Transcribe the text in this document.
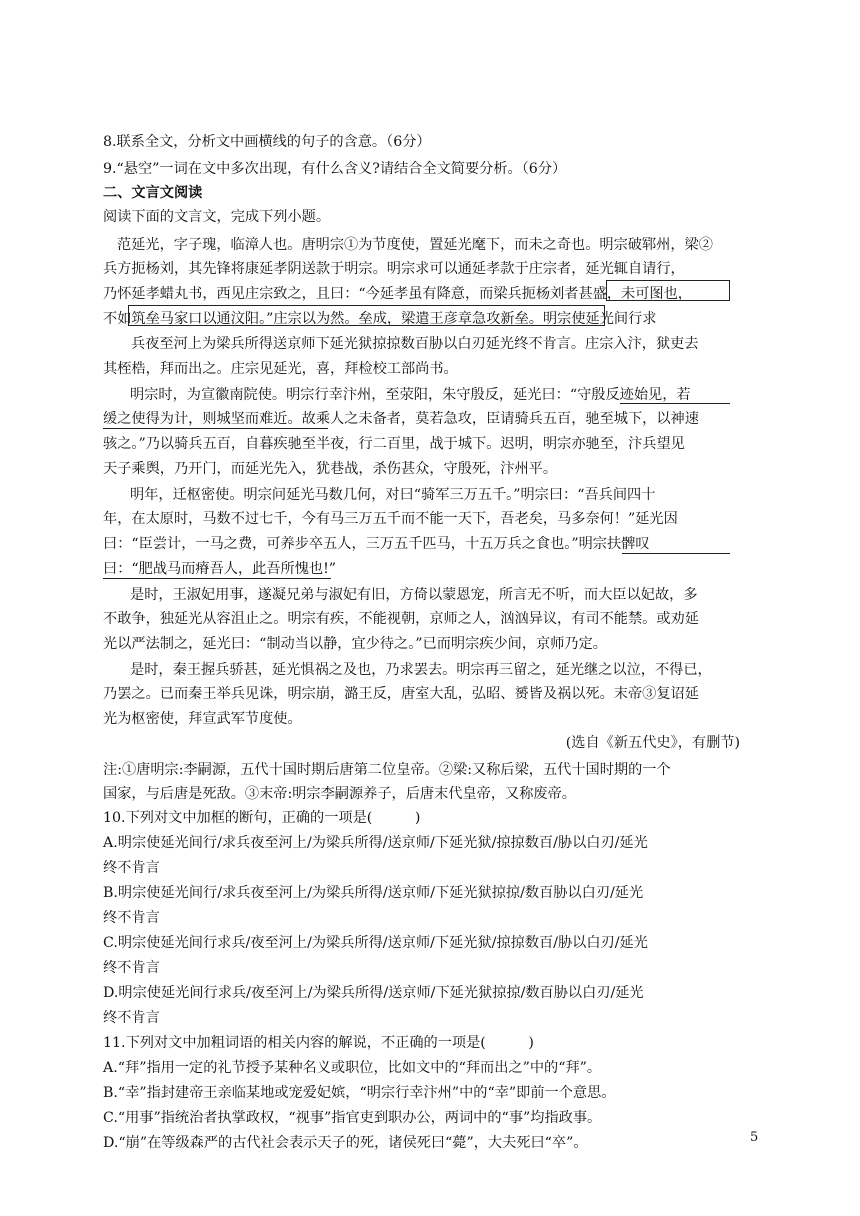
8.联系全文，分析文中画横线的句子的含意。（6分）
9.“悬空”一词在文中多次出现，有什么含义?请结合全文简要分析。（6分）
二、文言文阅读
阅读下面的文言文，完成下列小题。
范延光，字子瑰，临漳人也。唐明宗①为节度使，置延光麾下，而未之奇也。明宗破郓州，梁②
兵方扼杨刘，其先锋将康延孝阴送款于明宗。明宗求可以通延孝款于庄宗者，延光辄自请行，
乃怀延孝蜡丸书，西见庄宗致之，且曰：“今延孝虽有降意，而梁兵扼杨刘者甚盛，未可图也，
不如筑垒马家口以通汶阳。”庄宗以为然。垒成，梁遣王彦章急攻新垒。明宗使延光间行求
兵夜至河上为梁兵所得送京师下延光狱掠掠数百胁以白刃延光终不肯言。庄宗入汴，狱吏去
其桎梏，拜而出之。庄宗见延光，喜，拜检校工部尚书。
明宗时，为宣徽南院使。明宗行幸汴州，至荥阳，朱守殷反，延光曰：“守殷反迹始见，若
缓之使得为计，则城坚而难近。故乘人之未备者，莫若急攻，臣请骑兵五百，驰至城下，以神速
骇之。”乃以骑兵五百，自暮疾驰至半夜，行二百里，战于城下。迟明，明宗亦驰至，汴兵望见
天子乘舆，乃开门，而延光先入，犹巷战，杀伤甚众，守殷死，汴州平。
明年，迁枢密使。明宗问延光马数几何，对曰“骑军三万五千。”明宗曰：“吾兵间四十
年，在太原时，马数不过七千，今有马三万五千而不能一天下，吾老矣，马多奈何！”延光因
曰：“臣尝计，一马之费，可养步卒五人，三万五千匹马，十五万兵之食也。”明宗扶髀叹
曰：“肥战马而瘠吾人，此吾所愧也!”
是时，王淑妃用事，遂凝兄弟与淑妃有旧，方倚以蒙恩宠，所言无不听，而大臣以妃故，多
不敢争，独延光从容沮止之。明宗有疾，不能视朝，京师之人，汹汹异议，有司不能禁。或劝延
光以严法制之，延光曰：“制动当以静，宜少待之。”已而明宗疾少间，京师乃定。
是时，秦王握兵骄甚，延光惧祸之及也，乃求罢去。明宗再三留之，延光继之以泣，不得已，
乃罢之。已而秦王举兵见诛，明宗崩，潞王反，唐室大乱，弘昭、赟皆及祸以死。末帝③复诏延
光为枢密使，拜宣武军节度使。
注:①唐明宗:李嗣源，五代十国时期后唐第二位皇帝。②梁:又称后梁，五代十国时期的一个
国家，与后唐是死敌。③末帝:明宗李嗣源养子，后唐末代皇帝，又称废帝。
10.下列对文中加框的断句，正确的一项是(　　　)
A.明宗使延光间行/求兵夜至河上/为梁兵所得/送京师/下延光狱/掠掠数百/胁以白刃/延光
终不肯言
B.明宗使延光间行/求兵夜至河上/为梁兵所得/送京师/下延光狱掠掠/数百胁以白刃/延光
终不肯言
C.明宗使延光间行求兵/夜至河上/为梁兵所得/送京师/下延光狱/掠掠数百/胁以白刃/延光
终不肯言
D.明宗使延光间行求兵/夜至河上/为梁兵所得/送京师/下延光狱掠掠/数百胁以白刃/延光
终不肯言
11.下列对文中加粗词语的相关内容的解说，不正确的一项是(　　　)
A.“拜”指用一定的礼节授予某种名义或职位，比如文中的“拜而出之”中的“拜”。
B.“幸”指封建帝王亲临某地或宠爱妃嫔，“明宗行幸汴州”中的“幸”即前一个意思。
C.“用事”指统治者执掌政权，“视事”指官吏到职办公，两词中的“事”均指政事。
D.“崩”在等级森严的古代社会表示天子的死，诸侯死曰“薨”，大夫死曰“卒”。
(选自《新五代史》，有删节)
5
